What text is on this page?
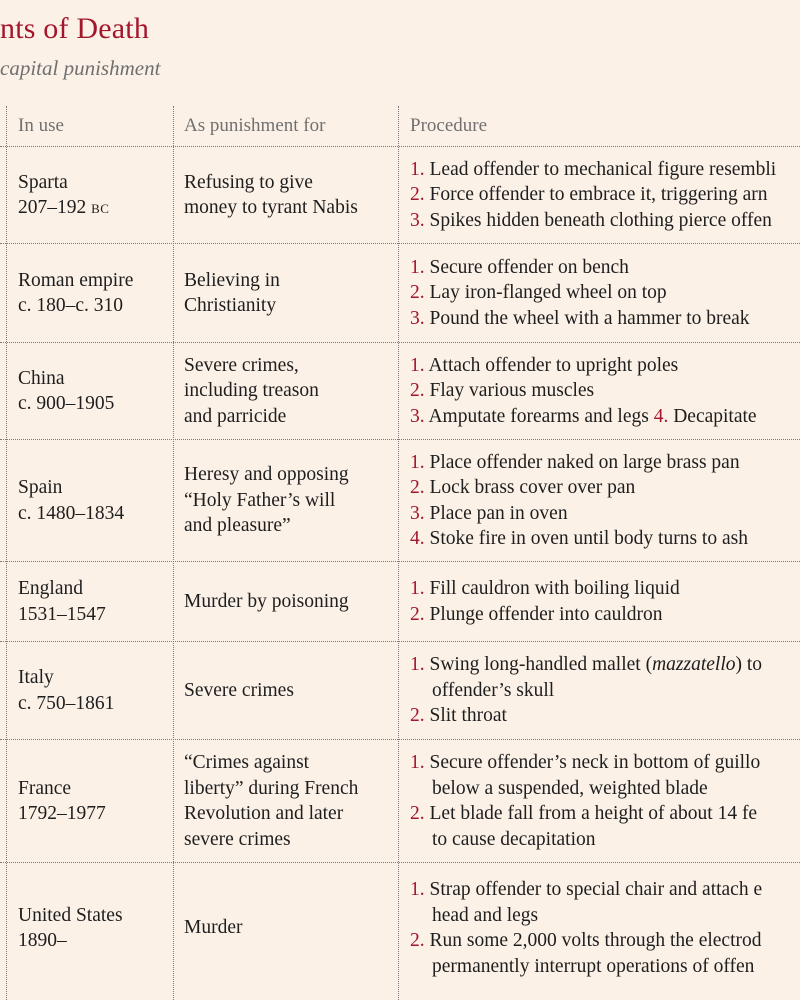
nts of Death
capital punishment
In use	As punishment for	Procedure
Sparta
207–192 bc
Refusing to give
money to tyrant Nabis
1. Lead offender to mechanical figure resembli
2. Force offender to embrace it, triggering arn
3. Spikes hidden beneath clothing pierce offen
Roman empire
c. 180–c. 310
Believing in
Christianity
1. Secure offender on bench
2. Lay iron-flanged wheel on top
3. Pound the wheel with a hammer to break
China
c. 900–1905
Severe crimes,
including treason
and parricide
1. Attach offender to upright poles
2. Flay various muscles
3. Amputate forearms and legs 4. Decapitate
Spain
c. 1480–1834
Heresy and opposing
“Holy Father’s will
and pleasure”
1. Place offender naked on large brass pan
2. Lock brass cover over pan
3. Place pan in oven
4. Stoke fire in oven until body turns to ash
England
1531–1547
Murder by poisoning
1. Fill cauldron with boiling liquid
2. Plunge offender into cauldron
Italy
c. 750–1861
Severe crimes
1. Swing long-handled mallet (mazzatello) to
offender’s skull
2. Slit throat
France
1792–1977
“Crimes against
liberty” during French
Revolution and later
severe crimes
1. Secure offender’s neck in bottom of guillo
below a suspended, weighted blade
2. Let blade fall from a height of about 14 fe
to cause decapitation
United States
1890–
Murder
1. Strap offender to special chair and attach e
head and legs
2. Run some 2,000 volts through the electrod
permanently interrupt operations of offen
